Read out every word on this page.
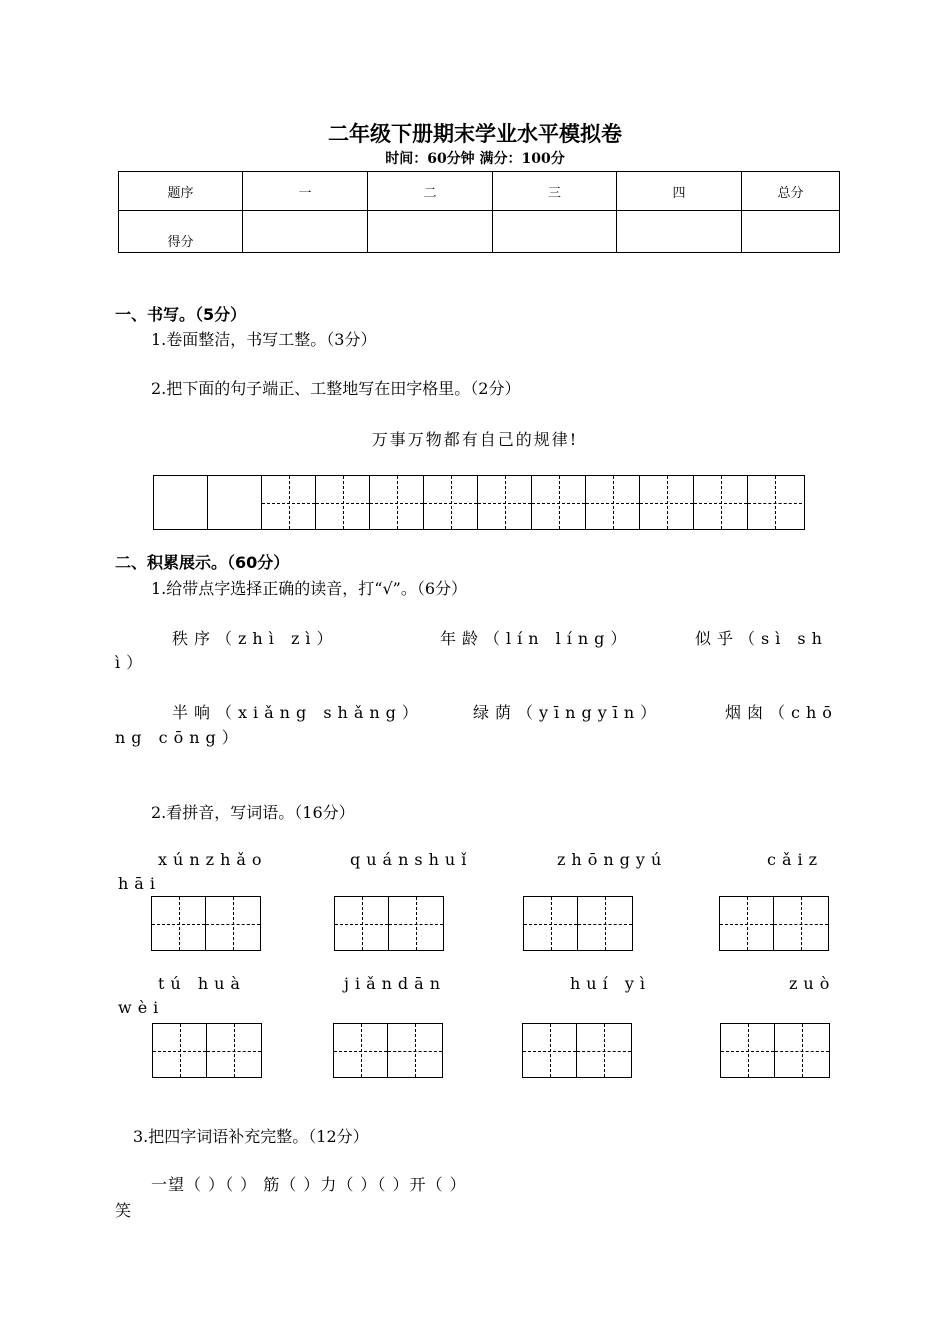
二年级下册期末学业水平模拟卷
时间：60分钟 满分：100分
题序	一	二	三	四	总分
得分					
一、书写。（5分）
1.卷面整洁，书写工整。（3分）
2.把下面的句子端正、工整地写在田字格里。（2分）
万事万物都有自己的规律!
二、积累展示。（60分）
1.给带点字选择正确的读音，打“√”。（6分）
秩序（zhì zì）	年龄（lín líng）	似乎（sì sh
ì）
半响（xiǎng shǎng）	绿荫（yīngyīn）	烟囱（chō
ng cōng）
2.看拼音，写词语。（16分）
xúnzhǎo	quánshuǐ	zhōngyú	cǎiz
hāi
tú huà	jiǎndān	huí yì	zuò
wèi
3.把四字词语补充完整。（12分）
一望（ ）（ ） 筋（ ）力（ ）（ ）开（ ）
笑
